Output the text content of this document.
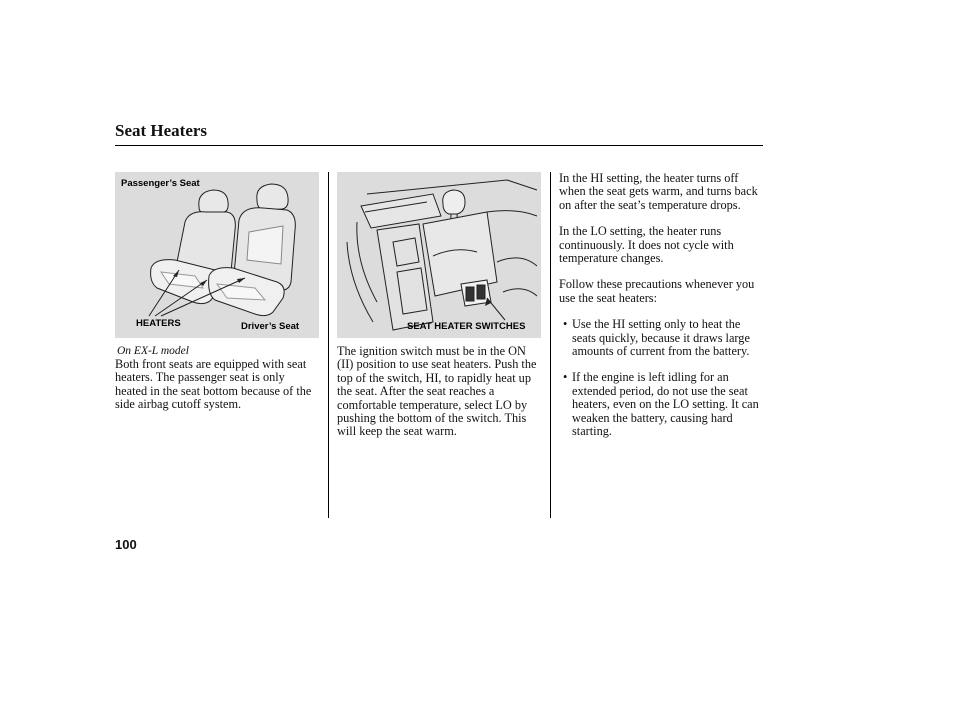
Seat Heaters
Passenger’s Seat
HEATERS	Driver’s Seat
On EX-L model
SEAT HEATER SWITCHES

Both front seats are equipped with seat heaters. The passenger seat is only heated in the seat bottom because of the side airbag cutoff system.

The ignition switch must be in the ON (II) position to use seat heaters. Push the top of the switch, HI, to rapidly heat up the seat. After the seat reaches a comfortable temperature, select LO by pushing the bottom of the switch. This will keep the seat warm.

In the HI setting, the heater turns off when the seat gets warm, and turns back on after the seat’s temperature drops.

In the LO setting, the heater runs continuously. It does not cycle with temperature changes.

Follow these precautions whenever you use the seat heaters:

• Use the HI setting only to heat the seats quickly, because it draws large amounts of current from the battery.
• If the engine is left idling for an extended period, do not use the seat heaters, even on the LO setting. It can weaken the battery, causing hard starting.
100
